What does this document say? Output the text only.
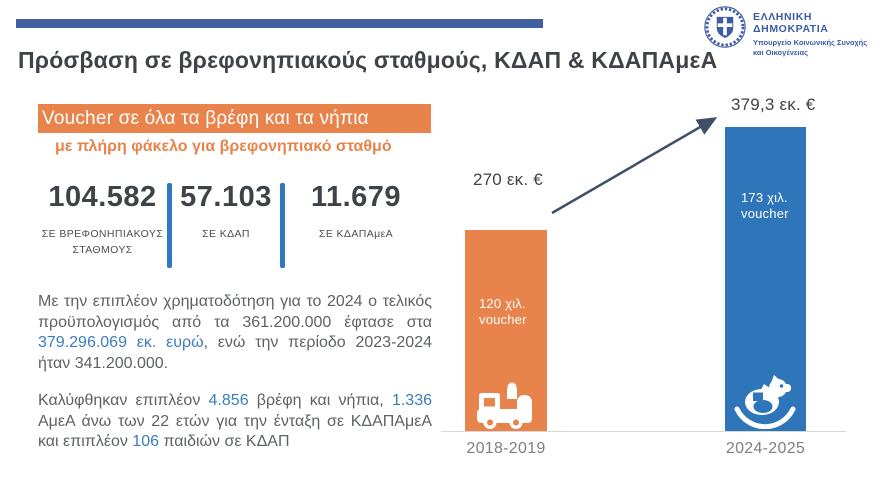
ΕΛΛΗΝΙΚΗ ΔΗΜΟΚΡΑΤΙΑ
Υπουργείο Κοινωνικής Συνοχής
και Οικογένειας
Πρόσβαση σε βρεφονηπιακούς σταθμούς, ΚΔΑΠ & ΚΔΑΠΑμεΑ
Voucher σε όλα τα βρέφη και τα νήπια
με πλήρη φάκελο για βρεφονηπιακό σταθμό
104.582
ΣΕ ΒΡΕΦΟΝΗΠΙΑΚΟΥΣ ΣΤΑΘΜΟΥΣ
57.103
ΣΕ ΚΔΑΠ
11.679
ΣΕ ΚΔΑΠΑμεΑ

Με την επιπλέον χρηματοδότηση για το 2024 ο τελικός προϋπολογισμός από τα 361.200.000 έφτασε στα 379.296.069 εκ. ευρώ, ενώ την περίοδο 2023-2024 ήταν 341.200.000.

Καλύφθηκαν επιπλέον 4.856 βρέφη και νήπια, 1.336 ΑμεΑ άνω των 22 ετών για την ένταξη σε ΚΔΑΠΑμεΑ και επιπλέον 106 παιδιών σε ΚΔΑΠ

270 εκ. €
379,3 εκ. €
120 χιλ.
voucher
173 χιλ.
voucher
2018-2019	2024-2025
